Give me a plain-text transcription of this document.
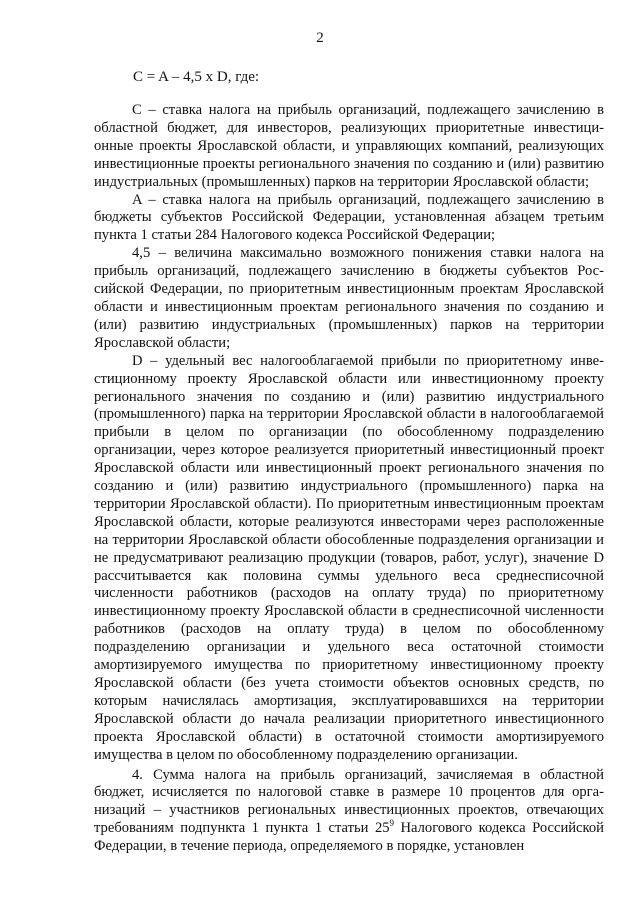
2
C = A – 4,5 х D, где:

C – ставка налога на прибыль организаций, подлежащего зачислению в областной бюджет, для инвесторов, реализующих приоритетные инвестиционные проекты Ярославской области, и управляющих компаний, реализующих инвестиционные проекты регионального значения по созданию и (или) развитию индустриальных (промышленных) парков на территории Ярославской области;

A – ставка налога на прибыль организаций, подлежащего зачислению в бюджеты субъектов Российской Федерации, установленная абзацем третьим пункта 1 статьи 284 Налогового кодекса Российской Федерации;

4,5 – величина максимально возможного понижения ставки налога на прибыль организаций, подлежащего зачислению в бюджеты субъектов Российской Федерации, по приоритетным инвестиционным проектам Ярославской области и инвестиционным проектам регионального значения по созданию и (или) развитию индустриальных (промышленных) парков на территории Ярославской области;

D – удельный вес налогооблагаемой прибыли по приоритетному инвестиционному проекту Ярославской области или инвестиционному проекту регионального значения по созданию и (или) развитию индустриального (промышленного) парка на территории Ярославской области в налогооблагаемой прибыли в целом по организации (по обособленному подразделению организации, через которое реализуется приоритетный инвестиционный проект Ярославской области или инвестиционный проект регионального значения по созданию и (или) развитию индустриального (промышленного) парка на территории Ярославской области). По приоритетным инвестиционным проектам Ярославской области, которые реализуются инвесторами через расположенные на территории Ярославской области обособленные подразделения организации и не предусматривают реализацию продукции (товаров, работ, услуг), значение D рассчитывается как половина суммы удельного веса среднесписочной численности работников (расходов на оплату труда) по приоритетному инвестиционному проекту Ярославской области в среднесписочной численности работников (расходов на оплату труда) в целом по обособленному подразделению организации и удельного веса остаточной стоимости амортизируемого имущества по приоритетному инвестиционному проекту Ярославской области (без учета стоимости объектов основных средств, по которым начислялась амортизация, эксплуатировавшихся на территории Ярославской области до начала реализации приоритетного инвестиционного проекта Ярославской области) в остаточной стоимости амортизируемого имущества в целом по обособленному подразделению организации.

4. Сумма налога на прибыль организаций, зачисляемая в областной бюджет, исчисляется по налоговой ставке в размере 10 процентов для организаций – участников региональных инвестиционных проектов, отвечающих требованиям подпункта 1 пункта 1 статьи $25^9$ Налогового кодекса Российской Федерации, в течение периода, определяемого в порядке, установлен
